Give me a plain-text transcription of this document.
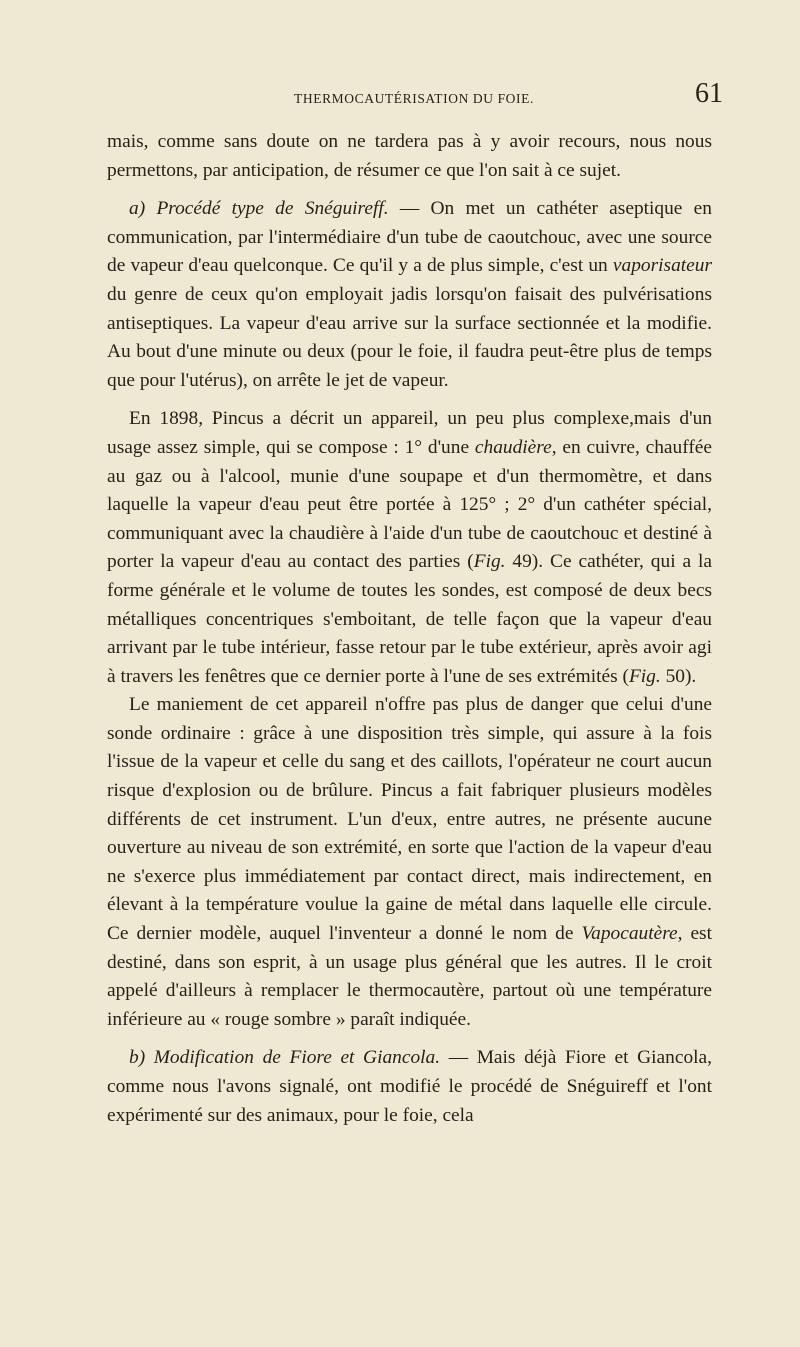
THERMOCAUTÉRISATION DU FOIE.	61

mais, comme sans doute on ne tardera pas à y avoir recours, nous nous permettons, par anticipation, de résumer ce que l'on sait à ce sujet.

a) Procédé type de Snéguireff. — On met un cathéter aseptique en communication, par l'intermédiaire d'un tube de caoutchouc, avec une source de vapeur d'eau quelconque. Ce qu'il y a de plus simple, c'est un vaporisateur du genre de ceux qu'on employait jadis lorsqu'on faisait des pulvérisations antiseptiques. La vapeur d'eau arrive sur la surface sectionnée et la modifie. Au bout d'une minute ou deux (pour le foie, il faudra peut-être plus de temps que pour l'utérus), on arrête le jet de vapeur.

En 1898, Pincus a décrit un appareil, un peu plus complexe,mais d'un usage assez simple, qui se compose : 1° d'une chaudière, en cuivre, chauffée au gaz ou à l'alcool, munie d'une soupape et d'un thermomètre, et dans laquelle la vapeur d'eau peut être portée à 125° ; 2° d'un cathéter spécial, communiquant avec la chaudière à l'aide d'un tube de caoutchouc et destiné à porter la vapeur d'eau au contact des parties (Fig. 49). Ce cathéter, qui a la forme générale et le volume de toutes les sondes, est composé de deux becs métalliques concentriques s'emboitant, de telle façon que la vapeur d'eau arrivant par le tube intérieur, fasse retour par le tube extérieur, après avoir agi à travers les fenêtres que ce dernier porte à l'une de ses extrémités (Fig. 50).

Le maniement de cet appareil n'offre pas plus de danger que celui d'une sonde ordinaire : grâce à une disposition très simple, qui assure à la fois l'issue de la vapeur et celle du sang et des caillots, l'opérateur ne court aucun risque d'explosion ou de brûlure. Pincus a fait fabriquer plusieurs modèles différents de cet instrument. L'un d'eux, entre autres, ne présente aucune ouverture au niveau de son extrémité, en sorte que l'action de la vapeur d'eau ne s'exerce plus immédiatement par contact direct, mais indirectement, en élevant à la température voulue la gaine de métal dans laquelle elle circule. Ce dernier modèle, auquel l'inventeur a donné le nom de Vapocautère, est destiné, dans son esprit, à un usage plus général que les autres. Il le croit appelé d'ailleurs à remplacer le thermocautère, partout où une température inférieure au « rouge sombre » paraît indiquée.

b) Modification de Fiore et Giancola. — Mais déjà Fiore et Giancola, comme nous l'avons signalé, ont modifié le procédé de Snéguireff et l'ont expérimenté sur des animaux, pour le foie, cela
